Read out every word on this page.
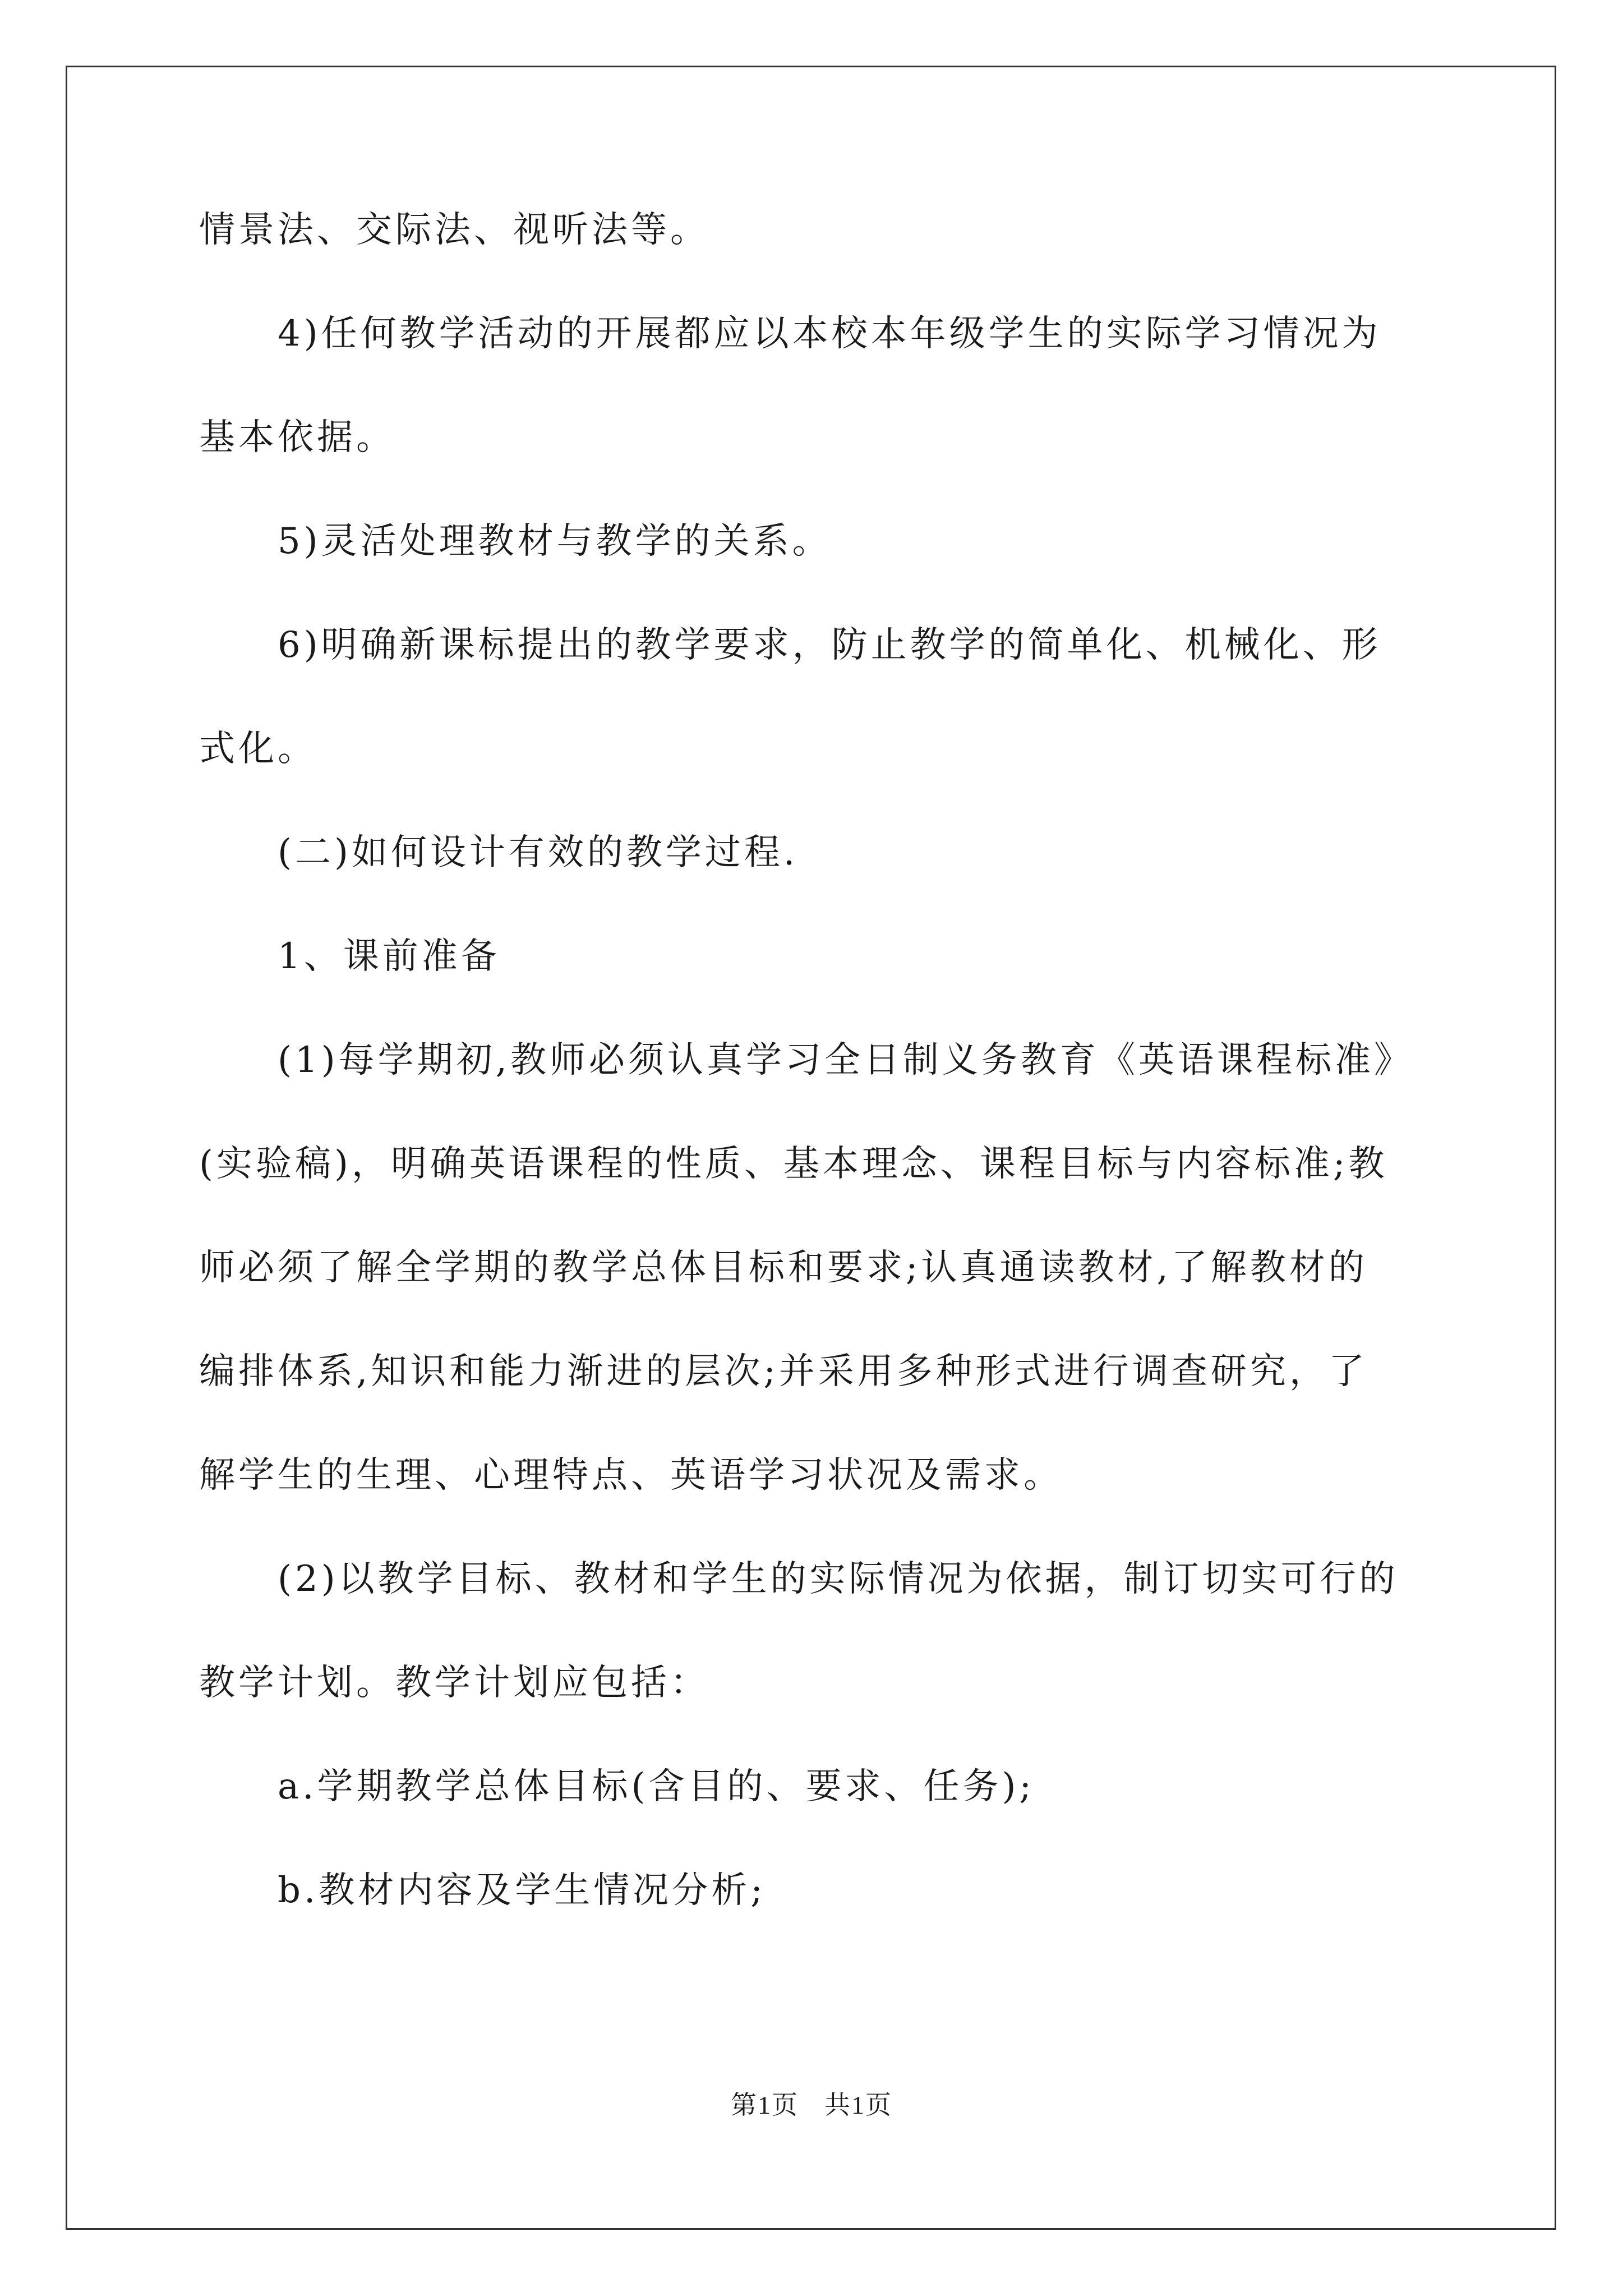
情景法、交际法、视听法等。
4)任何教学活动的开展都应以本校本年级学生的实际学习情况为
基本依据。
5)灵活处理教材与教学的关系。
6)明确新课标提出的教学要求，防止教学的简单化、机械化、形
式化。
(二)如何设计有效的教学过程.
1、课前准备
(1)每学期初,教师必须认真学习全日制义务教育《英语课程标准》
(实验稿)，明确英语课程的性质、基本理念、课程目标与内容标准;教
师必须了解全学期的教学总体目标和要求;认真通读教材,了解教材的
编排体系,知识和能力渐进的层次;并采用多种形式进行调查研究，了
解学生的生理、心理特点、英语学习状况及需求。
(2)以教学目标、教材和学生的实际情况为依据，制订切实可行的
教学计划。教学计划应包括：
a.学期教学总体目标(含目的、要求、任务);
b.教材内容及学生情况分析;
第1页 共1页
